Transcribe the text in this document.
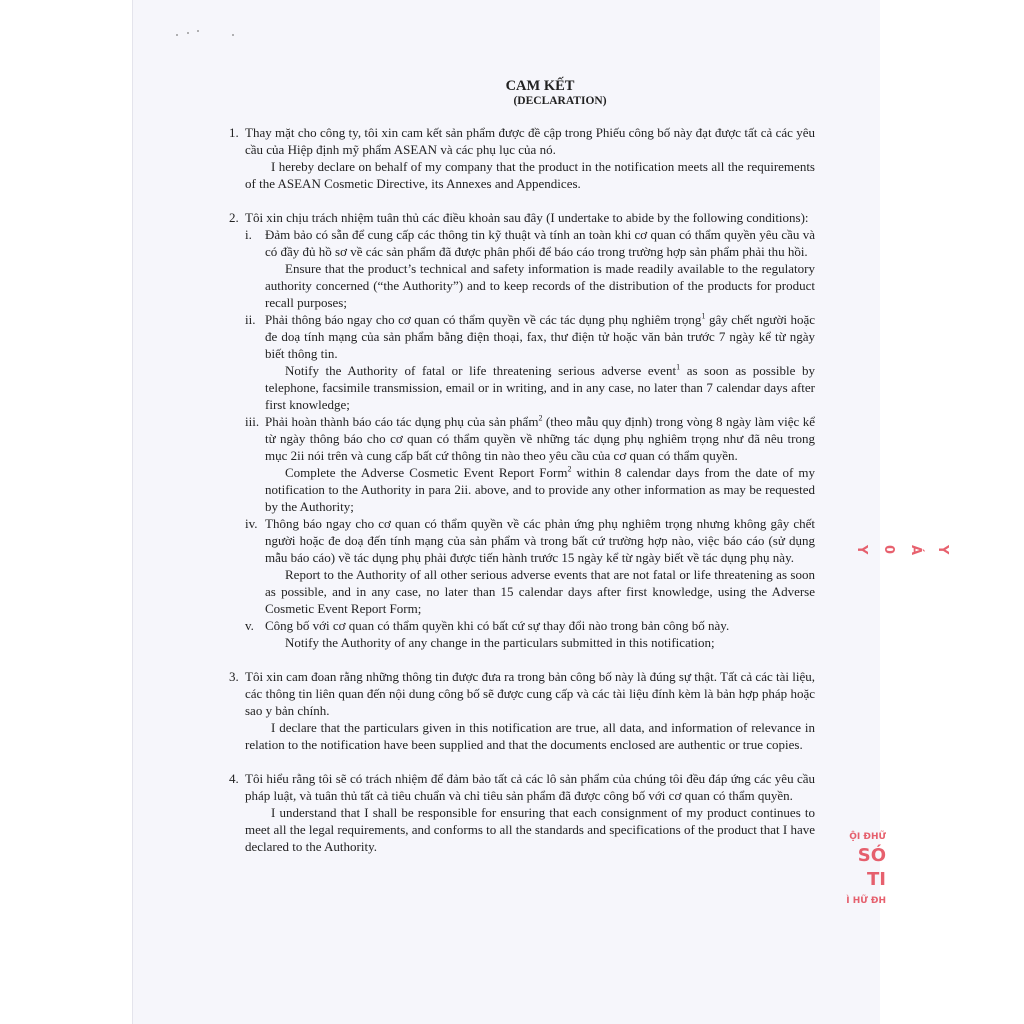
CAM KẾT
(DECLARATION)
1. Thay mặt cho công ty, tôi xin cam kết sản phẩm được đề cập trong Phiếu công bố này đạt được tất cả các yêu cầu của Hiệp định mỹ phẩm ASEAN và các phụ lục của nó.

I hereby declare on behalf of my company that the product in the notification meets all the requirements of the ASEAN Cosmetic Directive, its Annexes and Appendices.

2. Tôi xin chịu trách nhiệm tuân thủ các điều khoản sau đây (I undertake to abide by the following conditions):

i. Đảm bảo có sẵn để cung cấp các thông tin kỹ thuật và tính an toàn khi cơ quan có thẩm quyền yêu cầu và có đầy đủ hồ sơ về các sản phẩm đã được phân phối để báo cáo trong trường hợp sản phẩm phải thu hồi.

Ensure that the product’s technical and safety information is made readily available to the regulatory authority concerned (“the Authority”) and to keep records of the distribution of the products for product recall purposes;

ii. Phải thông báo ngay cho cơ quan có thẩm quyền về các tác dụng phụ nghiêm trọng$^1$ gây chết người hoặc đe doạ tính mạng của sản phẩm bằng điện thoại, fax, thư điện tử hoặc văn bản trước 7 ngày kể từ ngày biết thông tin.

Notify the Authority of fatal or life threatening serious adverse event$^1$ as soon as possible by telephone, facsimile transmission, email or in writing, and in any case, no later than 7 calendar days after first knowledge;

iii. Phải hoàn thành báo cáo tác dụng phụ của sản phẩm$^2$ (theo mẫu quy định) trong vòng 8 ngày làm việc kể từ ngày thông báo cho cơ quan có thẩm quyền về những tác dụng phụ nghiêm trọng như đã nêu trong mục 2ii nói trên và cung cấp bất cứ thông tin nào theo yêu cầu của cơ quan có thẩm quyền.

Complete the Adverse Cosmetic Event Report Form$^2$ within 8 calendar days from the date of my notification to the Authority in para 2ii. above, and to provide any other information as may be requested by the Authority;

iv. Thông báo ngay cho cơ quan có thẩm quyền về các phản ứng phụ nghiêm trọng nhưng không gây chết người hoặc đe doạ đến tính mạng của sản phẩm và trong bất cứ trường hợp nào, việc báo cáo (sử dụng mẫu báo cáo) về tác dụng phụ phải được tiến hành trước 15 ngày kể từ ngày biết về tác dụng phụ này.

Report to the Authority of all other serious adverse events that are not fatal or life threatening as soon as possible, and in any case, no later than 15 calendar days after first knowledge, using the Adverse Cosmetic Event Report Form;

v. Công bố với cơ quan có thẩm quyền khi có bất cứ sự thay đổi nào trong bản công bố này.

Notify the Authority of any change in the particulars submitted in this notification;

3. Tôi xin cam đoan rằng những thông tin được đưa ra trong bản công bố này là đúng sự thật. Tất cả các tài liệu, các thông tin liên quan đến nội dung công bố sẽ được cung cấp và các tài liệu đính kèm là bản hợp pháp hoặc sao y bản chính.

I declare that the particulars given in this notification are true, all data, and information of relevance in relation to the notification have been supplied and that the documents enclosed are authentic or true copies.

4. Tôi hiểu rằng tôi sẽ có trách nhiệm để đảm bảo tất cả các lô sản phẩm của chúng tôi đều đáp ứng các yêu cầu pháp luật, và tuân thủ tất cả tiêu chuẩn và chỉ tiêu sản phẩm đã được công bố với cơ quan có thẩm quyền.

I understand that I shall be responsible for ensuring that each consignment of my product continues to meet all the legal requirements, and conforms to all the standards and specifications of the product that I have declared to the Authority.

Y
Á
0
Y
ỘI ĐHỮ
SÓ
TI
Ì HỮ ĐH
